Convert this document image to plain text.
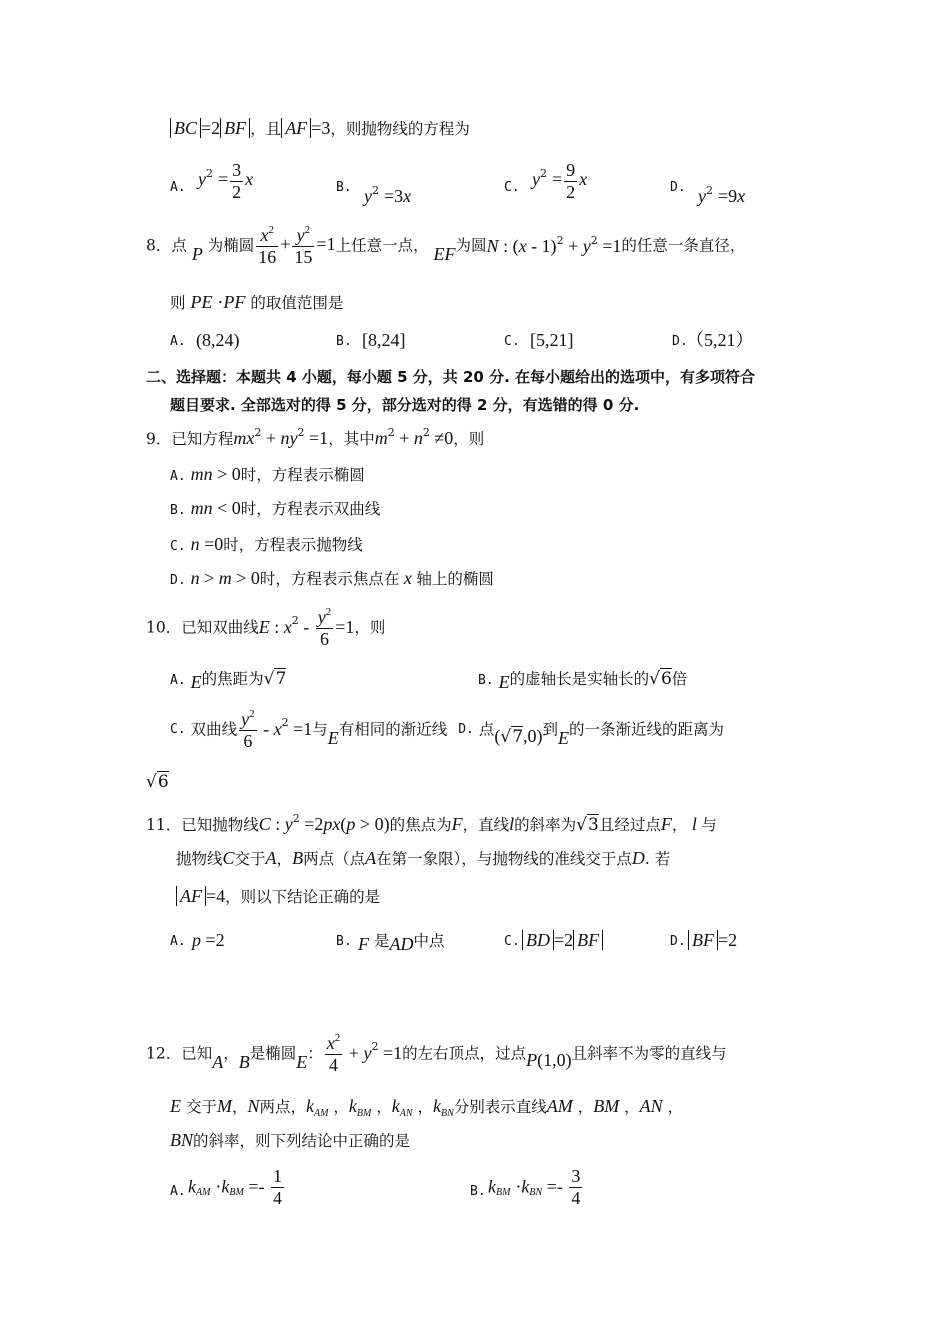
BC =2 BF ，且 AF =3，则抛物线的方程为
A. $y^2 = \frac{3}{2}$ x	B. $y^2 =3x$	C. $y^2 = \frac{9}{2}$ x	D. $y^2 =9x$
8．点 P 为椭圆 $\frac{x^2}{16} + \frac{y^2}{15} =1$上任意一点， EF为圆N : $(x - 1)^2 + y^2 =1$的任意一条直径，
则 PE ·PF 的取值范围是
A. (8,24)	B. [8,24]	C. [5,21]	D.
（5,21）
二、选择题：本题共 4 小题，每小题 5 分，共 20 分. 在每小题给出的选项中，有多项符合
题目要求. 全部选对的得 5 分，部分选对的得 2 分，有选错的得 0 分.
9．已知方程$mx^2 + ny^2 =1$，其中$m^2 + n^2 \ne 0$，则
A. mn > 0时，方程表示椭圆
B. mn < 0时，方程表示双曲线
C. n =0时，方程表示抛物线
D. n > m > 0时，方程表示焦点在 x 轴上的椭圆
10．已知双曲线E : $x^2 - \frac{y^2}{6} =1$，则
A. E的焦距为√7	B. E的虚轴长是实轴长的√6倍
C. 双曲线 $\frac{y^2}{6} - x^2 =1$与E有相同的渐近线 D. 点(√7,0)到E的一条渐近线的距离为
√6
11．已知抛物线C : $y^2 =2px(p > 0)$的焦点为F，直线l的斜率为√3且经过点F， l 与
抛物线C交于A，B两点（点A在第一象限），与抛物线的准线交于点D. 若
AF =4，则以下结论正确的是
A. p =2	B. F 是AD中点	C. BD =2 BF	D. BF =2
12．已知A，B是椭圆E： $\frac{x^2}{4} + y^2 =1$的左右顶点，过点P(1,0)且斜率不为零的直线与
E 交于M，N两点，$k_{AM}$ ，$k_{BM}$ ，$k_{AN}$ ，$k_{BN}$分别表示直线AM ，BM ，AN ，
BN的斜率，则下列结论中正确的是
A. $k_{AM} \cdot k_{BM} =- \frac{1}{4}$	B. $k_{BM} \cdot k_{BN} =- \frac{3}{4}$
